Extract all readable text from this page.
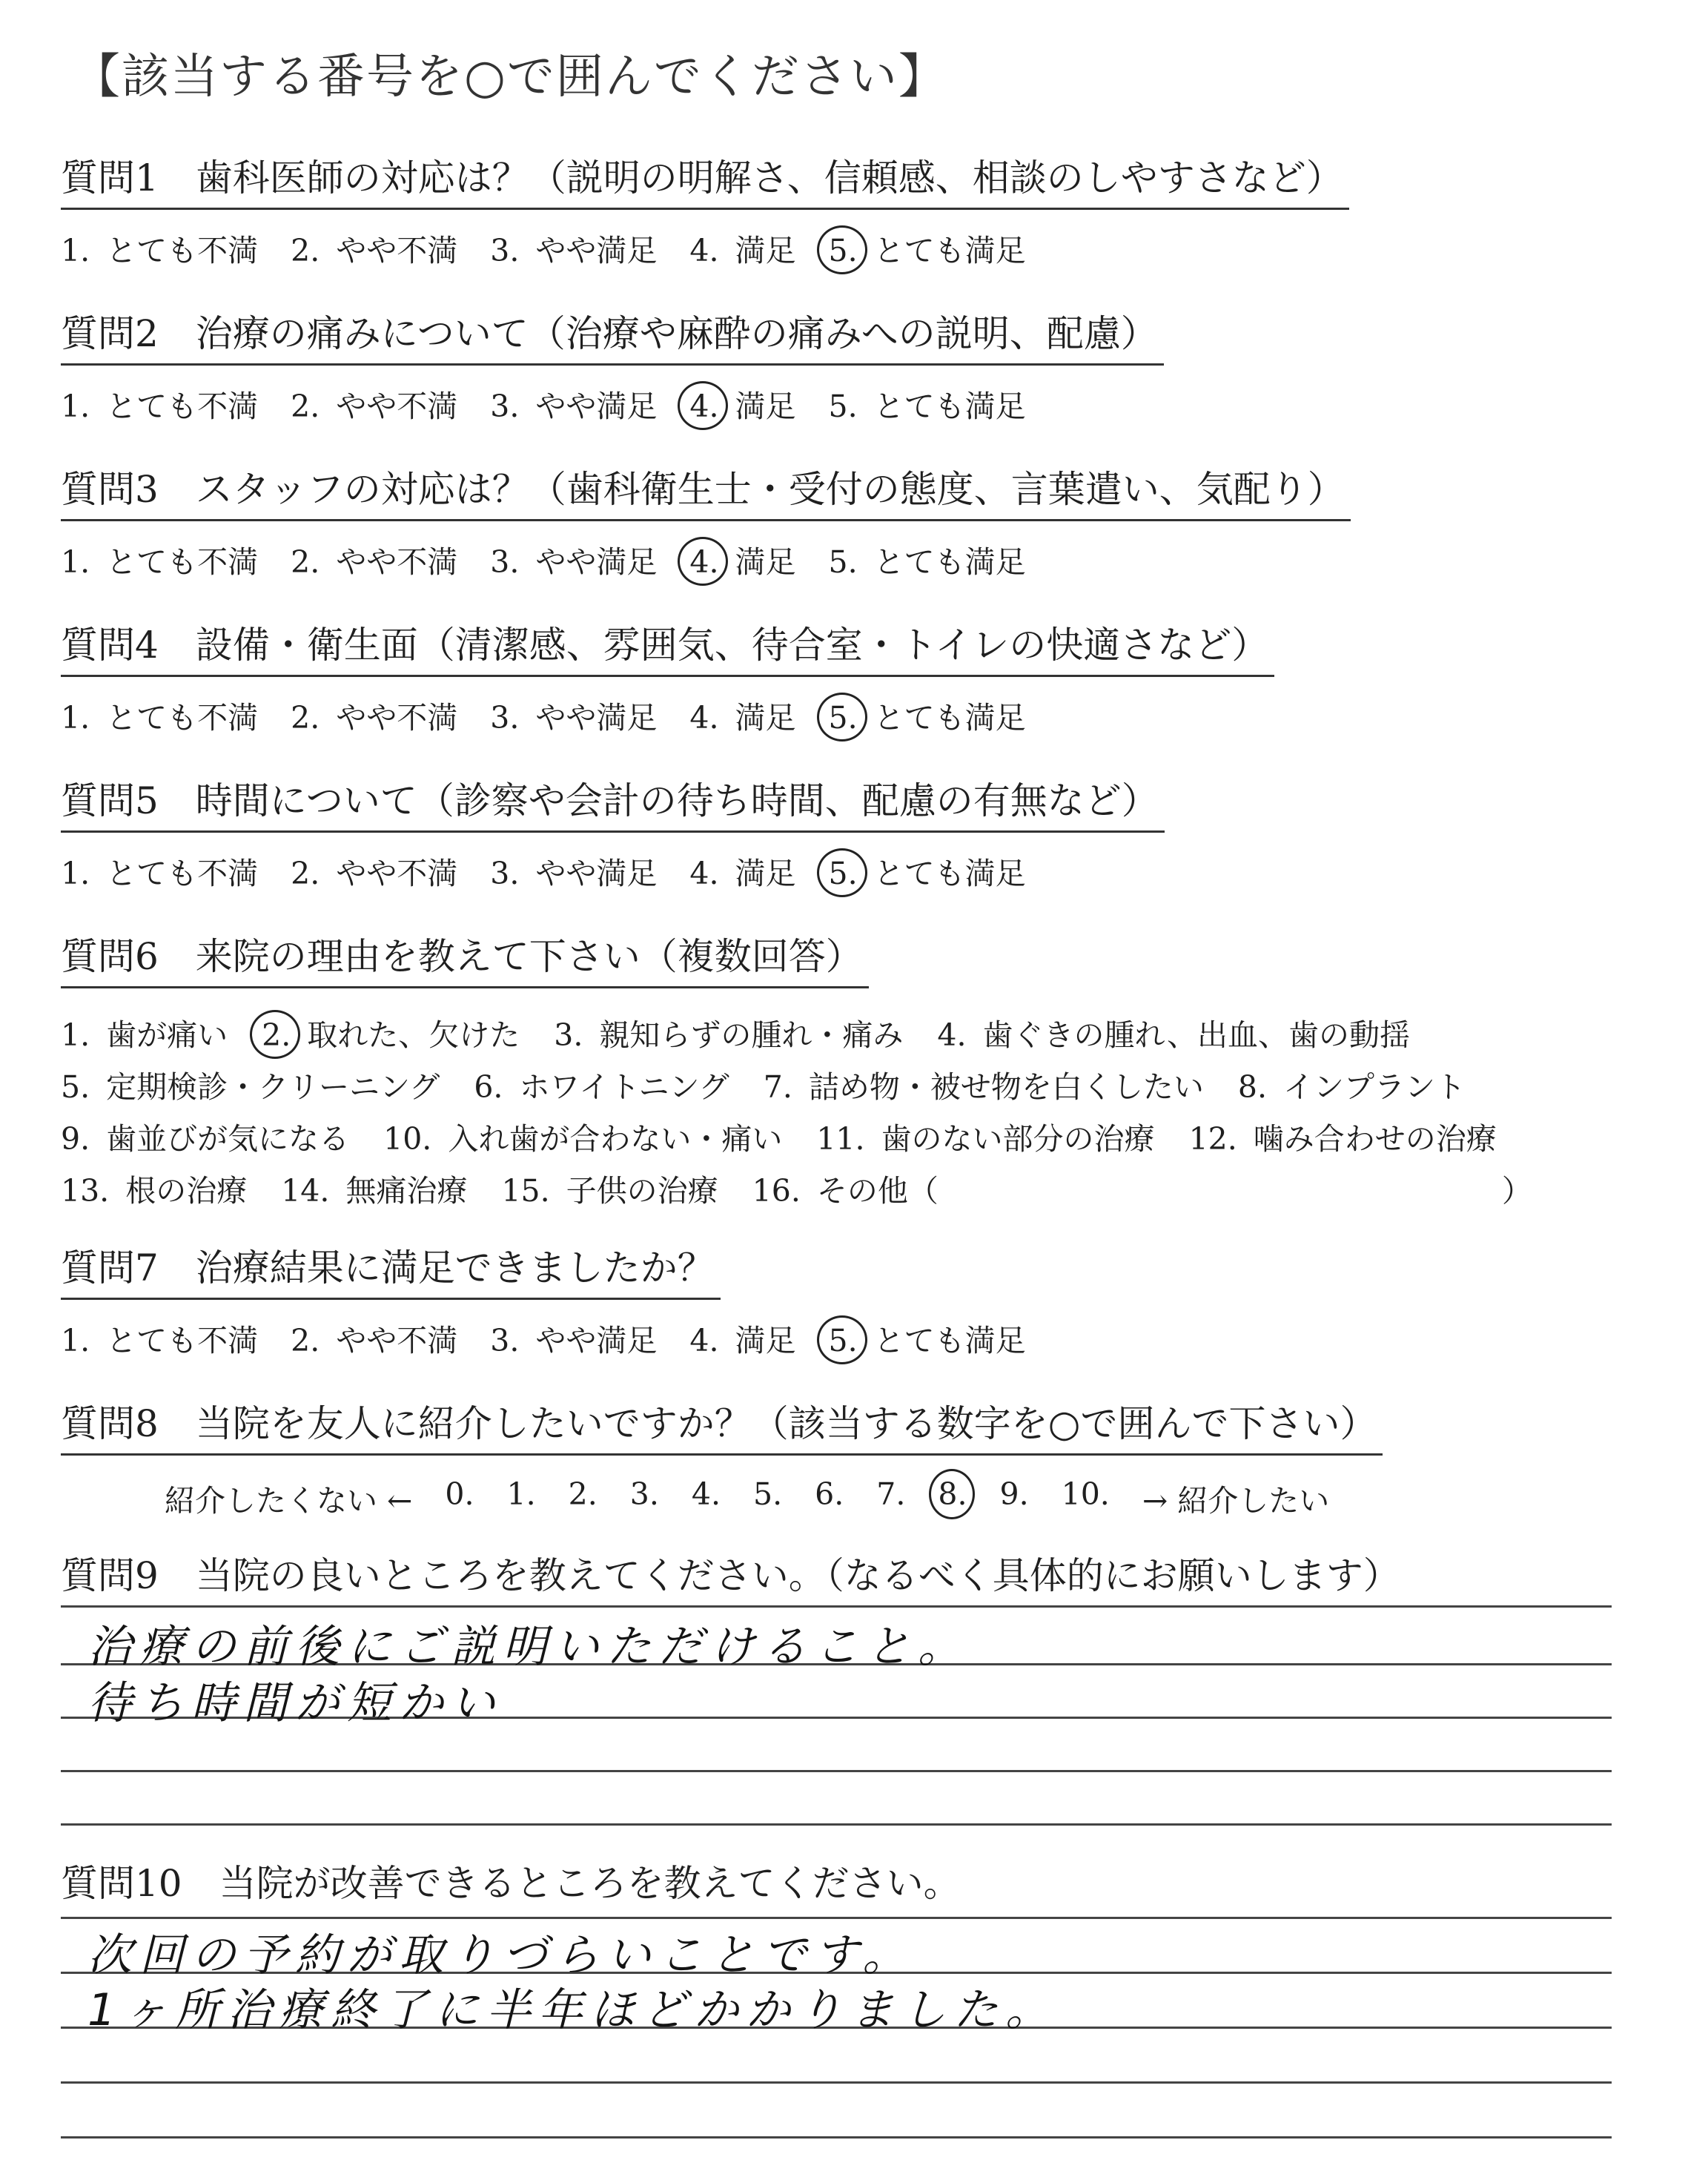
【該当する番号を○で囲んでください】
質問1　歯科医師の対応は？（説明の明解さ、信頼感、相談のしやすさなど）
1. とても不満 2. やや不満 3. やや満足 4. 満足 5. とても満足
質問2　治療の痛みについて（治療や麻酔の痛みへの説明、配慮）
1. とても不満 2. やや不満 3. やや満足 4. 満足 5. とても満足
質問3　スタッフの対応は？（歯科衛生士・受付の態度、言葉遣い、気配り）
1. とても不満 2. やや不満 3. やや満足 4. 満足 5. とても満足
質問4　設備・衛生面（清潔感、雰囲気、待合室・トイレの快適さなど）
1. とても不満 2. やや不満 3. やや満足 4. 満足 5. とても満足
質問5　時間について（診察や会計の待ち時間、配慮の有無など）
1. とても不満 2. やや不満 3. やや満足 4. 満足 5. とても満足
質問6　来院の理由を教えて下さい（複数回答）
1. 歯が痛い 2. 取れた、欠けた 3. 親知らずの腫れ・痛み 4. 歯ぐきの腫れ、出血、歯の動揺
5. 定期検診・クリーニング 6. ホワイトニング 7. 詰め物・被せ物を白くしたい 8. インプラント
9. 歯並びが気になる 10. 入れ歯が合わない・痛い 11. 歯のない部分の治療 12. 噛み合わせの治療
13. 根の治療 14. 無痛治療 15. 子供の治療 16. その他（	）
質問7　治療結果に満足できましたか？
1. とても不満 2. やや不満 3. やや満足 4. 満足 5. とても満足
質問8　当院を友人に紹介したいですか？（該当する数字を○で囲んで下さい）
紹介したくない ← 0. 1. 2. 3. 4. 5. 6. 7. 8. 9. 10. → 紹介したい
質問9　当院の良いところを教えてください。（なるべく具体的にお願いします）
治療の前後にご説明いただけること。
待ち時間が短かい
質問10　当院が改善できるところを教えてください。
次回の予約が取りづらいことです。
1ヶ所治療終了に半年ほどかかりました。
